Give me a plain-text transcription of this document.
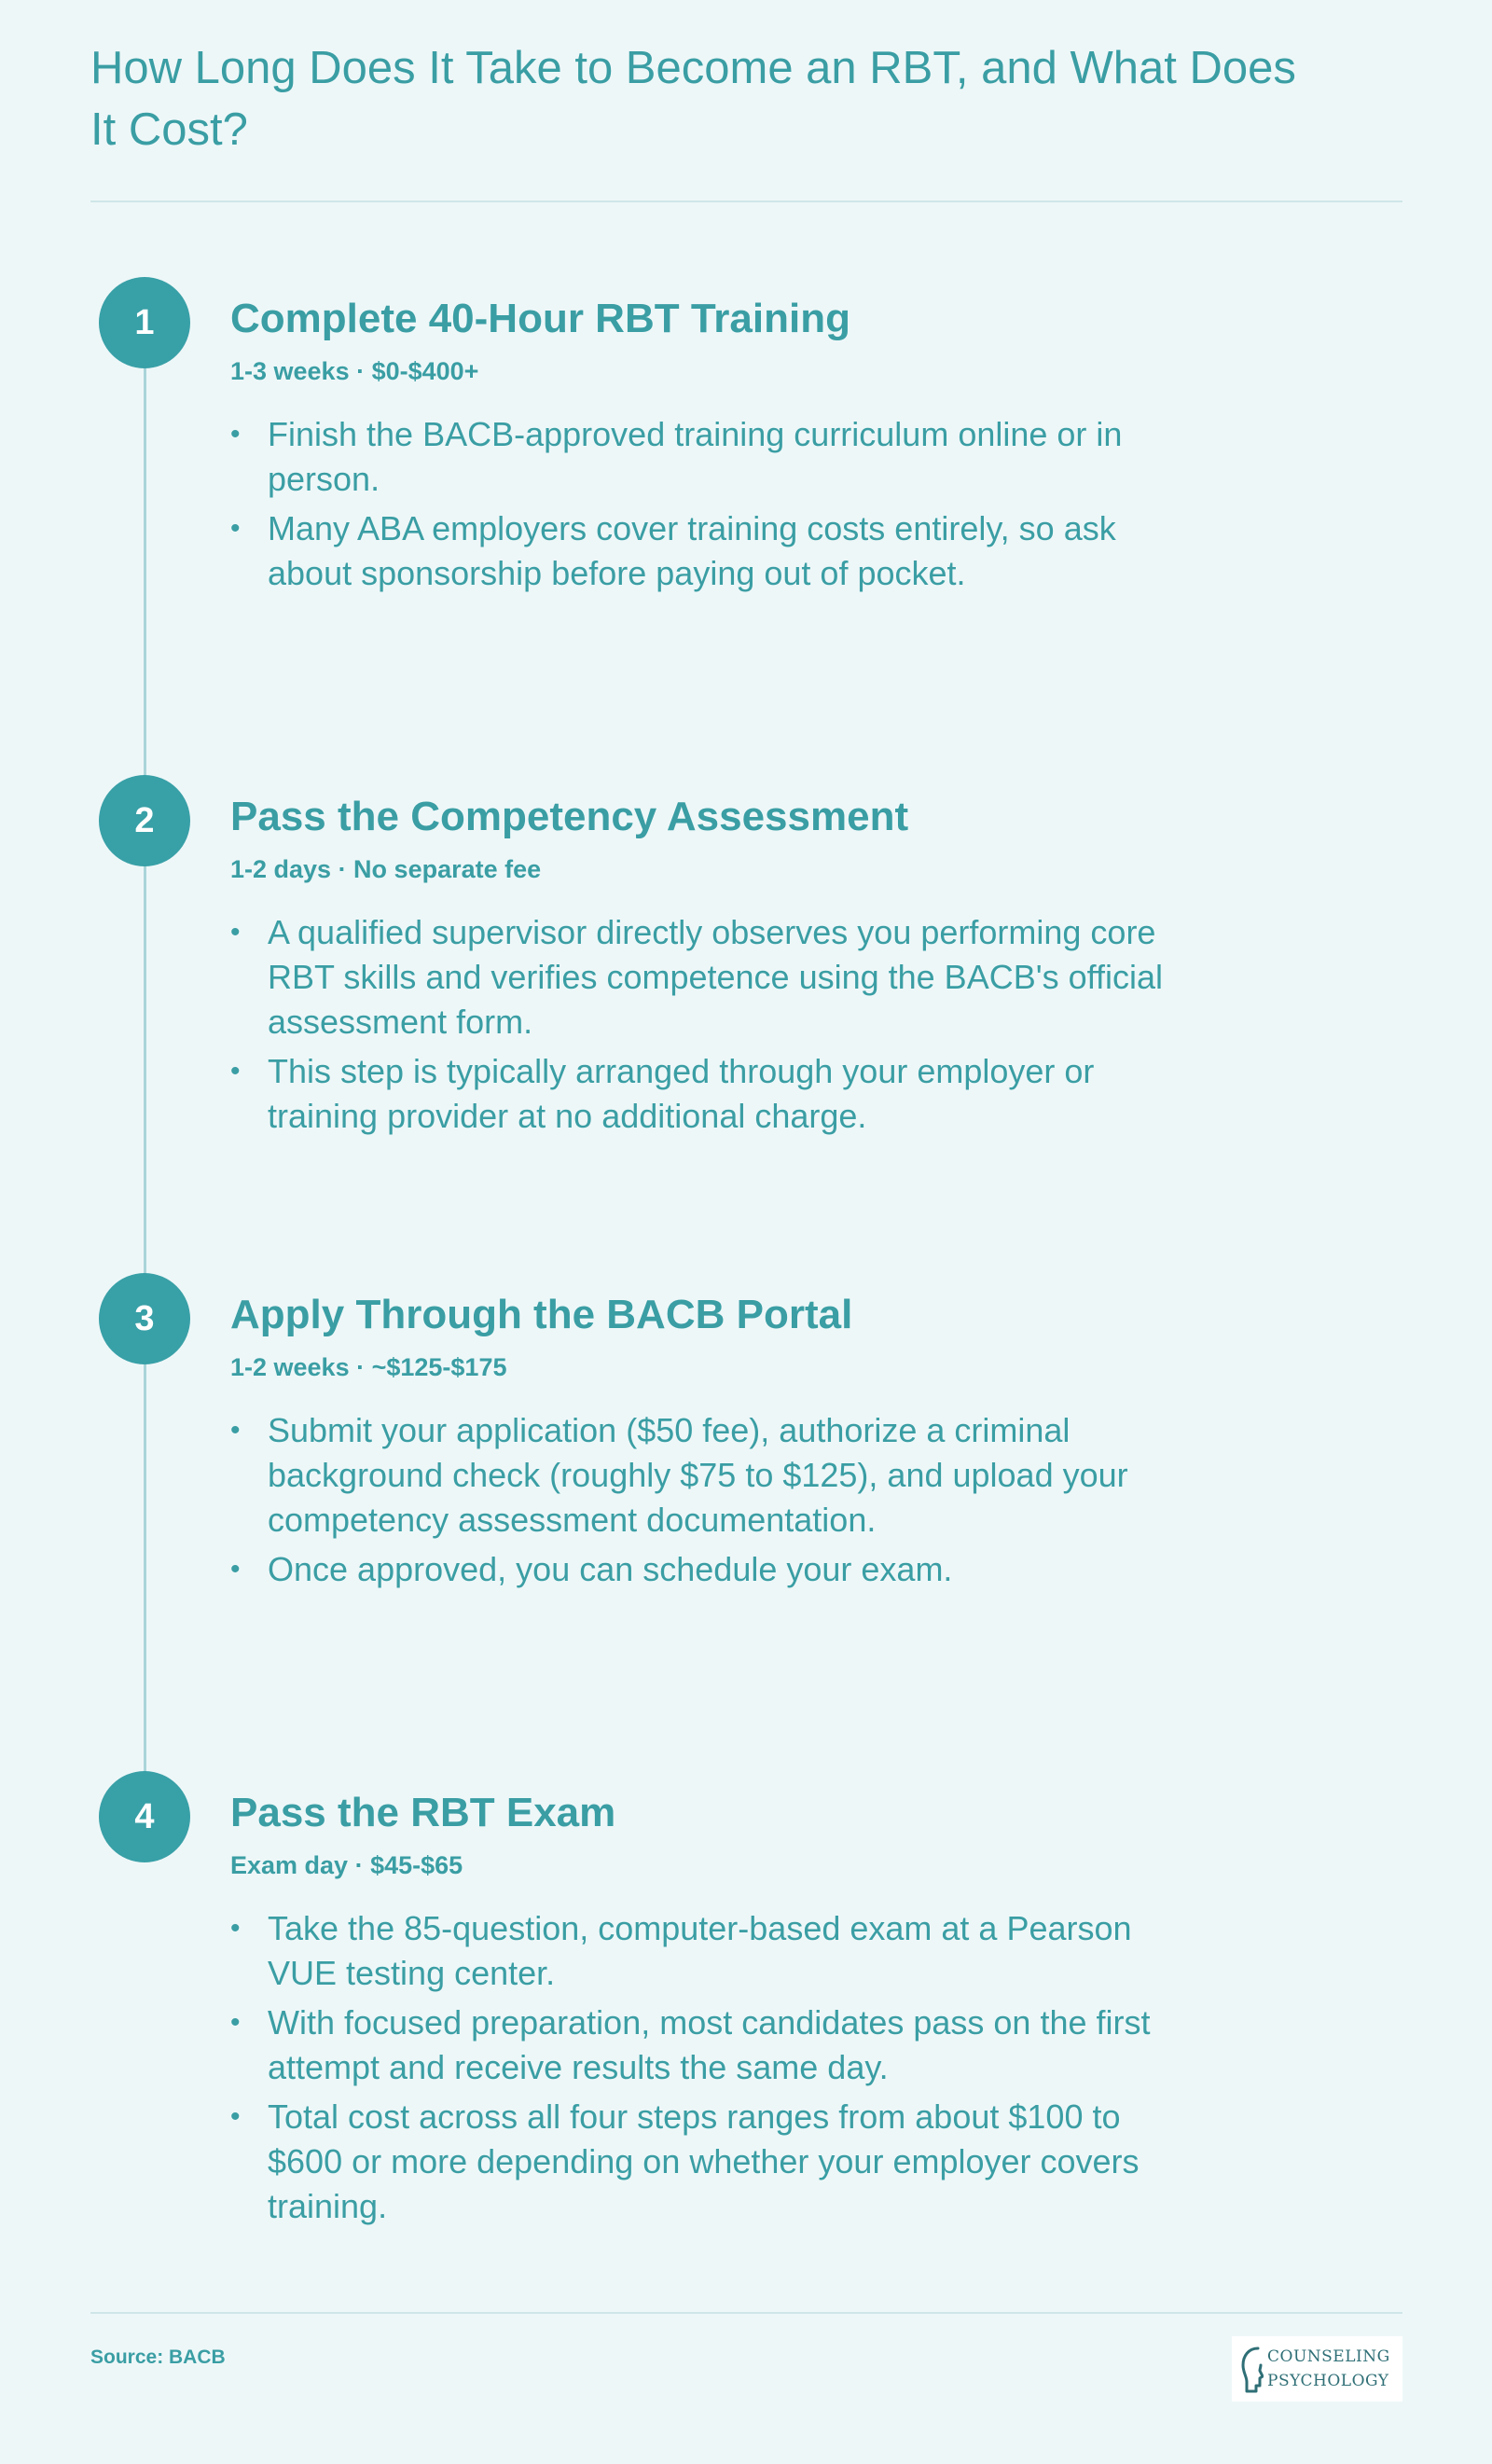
How Long Does It Take to Become an RBT, and What Does It Cost?
1	Complete 40-Hour RBT Training
1-3 weeks · $0-$400+
• Finish the BACB-approved training curriculum online or in person.
• Many ABA employers cover training costs entirely, so ask about sponsorship before paying out of pocket.
2	Pass the Competency Assessment
1-2 days · No separate fee
• A qualified supervisor directly observes you performing core RBT skills and verifies competence using the BACB's official assessment form.
• This step is typically arranged through your employer or training provider at no additional charge.
3	Apply Through the BACB Portal
1-2 weeks · ~$125-$175
• Submit your application ($50 fee), authorize a criminal background check (roughly $75 to $125), and upload your competency assessment documentation.
• Once approved, you can schedule your exam.
4	Pass the RBT Exam
Exam day · $45-$65
• Take the 85-question, computer-based exam at a Pearson VUE testing center.
• With focused preparation, most candidates pass on the first attempt and receive results the same day.
• Total cost across all four steps ranges from about $100 to $600 or more depending on whether your employer covers training.
Source: BACB	COUNSELING
PSYCHOLOGY
